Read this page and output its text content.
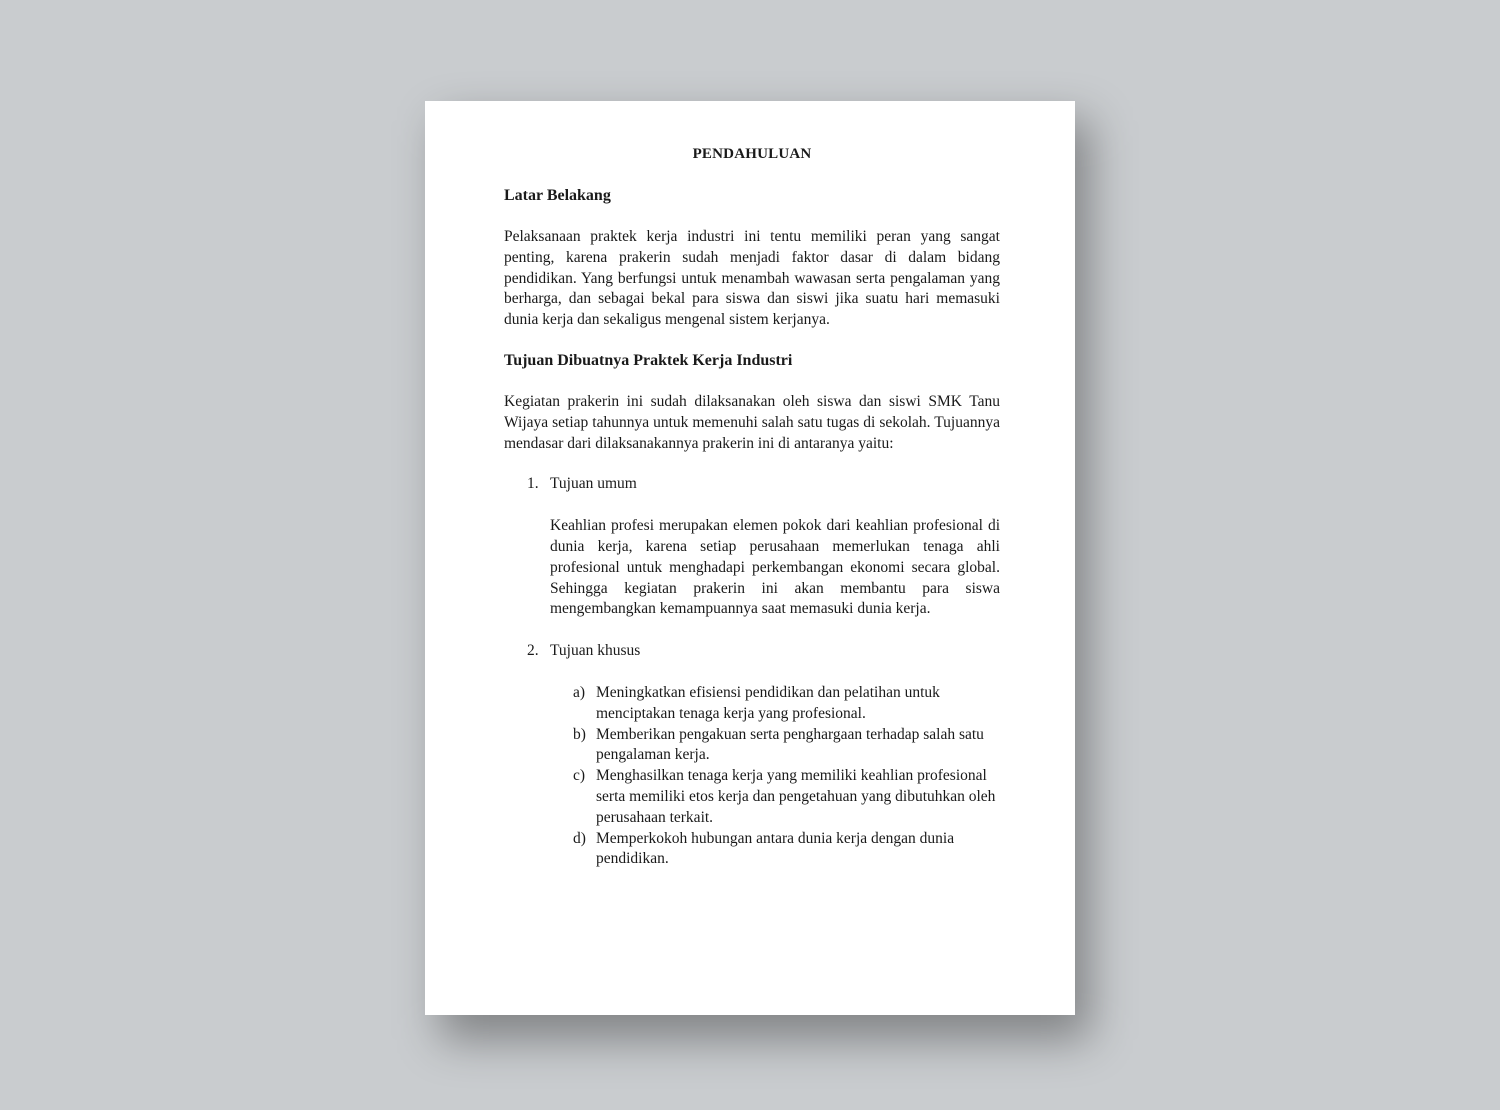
PENDAHULUAN
Latar Belakang

Pelaksanaan praktek kerja industri ini tentu memiliki peran yang sangat penting, karena prakerin sudah menjadi faktor dasar di dalam bidang pendidikan. Yang berfungsi untuk menambah wawasan serta pengalaman yang berharga, dan sebagai bekal para siswa dan siswi jika suatu hari memasuki dunia kerja dan sekaligus mengenal sistem kerjanya.

Tujuan Dibuatnya Praktek Kerja Industri

Kegiatan prakerin ini sudah dilaksanakan oleh siswa dan siswi SMK Tanu Wijaya setiap tahunnya untuk memenuhi salah satu tugas di sekolah. Tujuannya mendasar dari dilaksanakannya prakerin ini di antaranya yaitu:

1. Tujuan umum
Keahlian profesi merupakan elemen pokok dari keahlian profesional di dunia kerja, karena setiap perusahaan memerlukan tenaga ahli profesional untuk menghadapi perkembangan ekonomi secara global. Sehingga kegiatan prakerin ini akan membantu para siswa mengembangkan kemampuannya saat memasuki dunia kerja.
2. Tujuan khusus
a) Meningkatkan efisiensi pendidikan dan pelatihan untuk menciptakan tenaga kerja yang profesional.
b) Memberikan pengakuan serta penghargaan terhadap salah satu pengalaman kerja.
c) Menghasilkan tenaga kerja yang memiliki keahlian profesional serta memiliki etos kerja dan pengetahuan yang dibutuhkan oleh perusahaan terkait.
d) Memperkokoh hubungan antara dunia kerja dengan dunia pendidikan.
